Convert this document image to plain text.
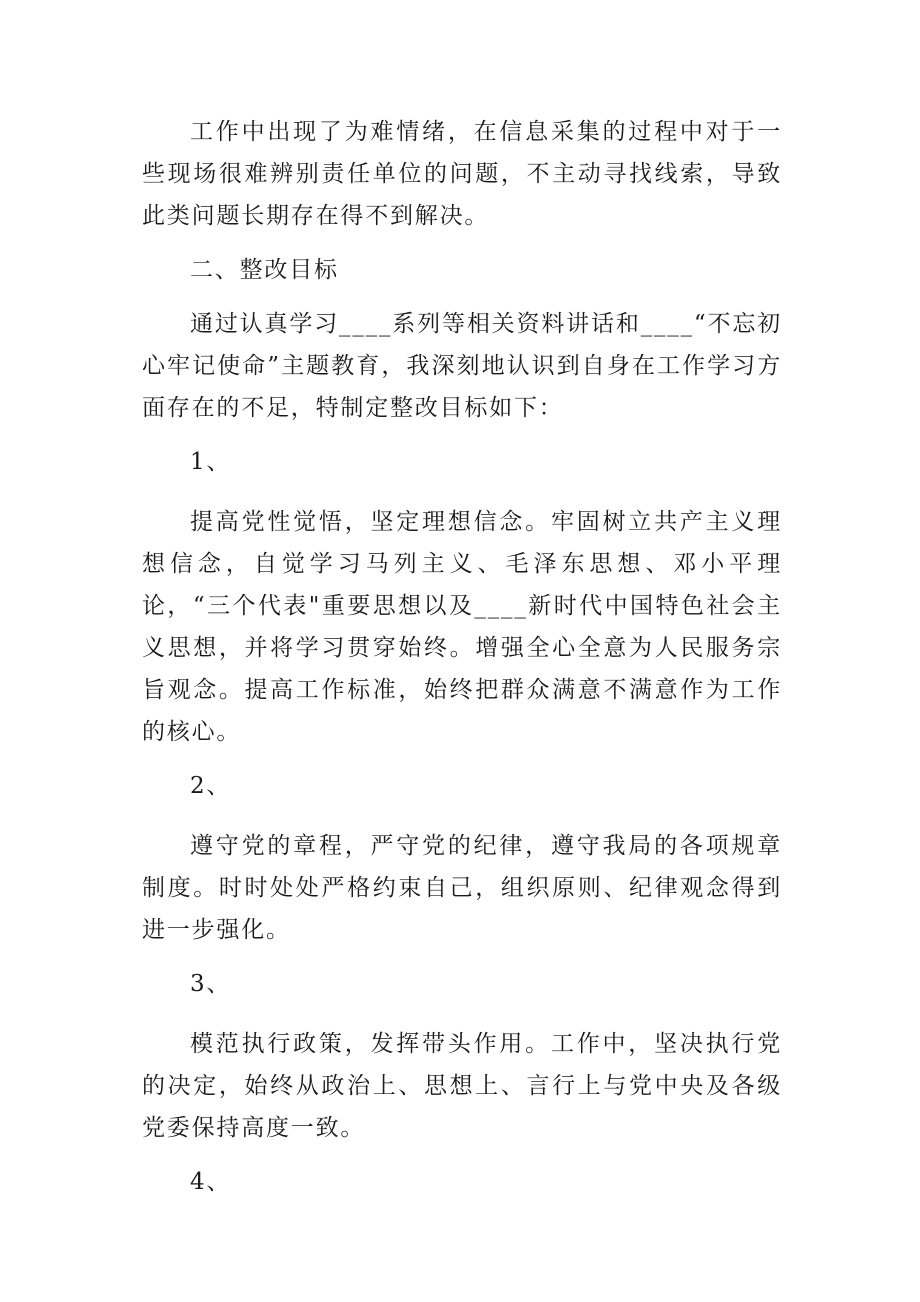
工作中出现了为难情绪，在信息采集的过程中对于一些现场很难辨别责任单位的问题，不主动寻找线索，导致此类问题长期存在得不到解决。

二、整改目标

通过认真学习____系列等相关资料讲话和____“不忘初心牢记使命”主题教育，我深刻地认识到自身在工作学习方面存在的不足，特制定整改目标如下：

1、

提高党性觉悟，坚定理想信念。牢固树立共产主义理想信念，自觉学习马列主义、毛泽东思想、邓小平理论，“三个代表"重要思想以及____新时代中国特色社会主义思想，并将学习贯穿始终。增强全心全意为人民服务宗旨观念。提高工作标准，始终把群众满意不满意作为工作的核心。

2、

遵守党的章程，严守党的纪律，遵守我局的各项规章制度。时时处处严格约束自己，组织原则、纪律观念得到进一步强化。

3、

模范执行政策，发挥带头作用。工作中，坚决执行党的决定，始终从政治上、思想上、言行上与党中央及各级党委保持高度一致。

4、
